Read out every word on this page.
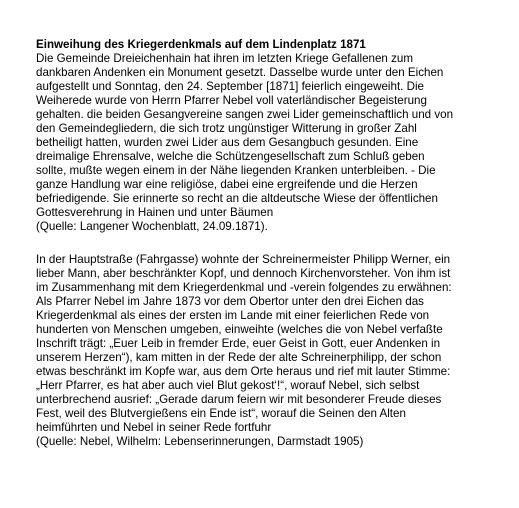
Einweihung des Kriegerdenkmals auf dem Lindenplatz 1871
Die Gemeinde Dreieichenhain hat ihren im letzten Kriege Gefallenen zum
dankbaren Andenken ein Monument gesetzt. Dasselbe wurde unter den Eichen
aufgestellt und Sonntag, den 24. September [1871] feierlich eingeweiht. Die
Weiherede wurde von Herrn Pfarrer Nebel voll vaterländischer Begeisterung
gehalten. die beiden Gesangvereine sangen zwei Lider gemeinschaftlich und von
den Gemeindegliedern, die sich trotz ungünstiger Witterung in großer Zahl
betheiligt hatten, wurden zwei Lider aus dem Gesangbuch gesunden. Eine
dreimalige Ehrensalve, welche die Schützengesellschaft zum Schluß geben
sollte, mußte wegen einem in der Nähe liegenden Kranken unterbleiben. - Die
ganze Handlung war eine religiöse, dabei eine ergreifende und die Herzen
befriedigende. Sie erinnerte so recht an die altdeutsche Wiese der öffentlichen
Gottesverehrung in Hainen und unter Bäumen
(Quelle: Langener Wochenblatt, 24.09.1871).
In der Hauptstraße (Fahrgasse) wohnte der Schreinermeister Philipp Werner, ein
lieber Mann, aber beschränkter Kopf, und dennoch Kirchenvorsteher. Von ihm ist
im Zusammenhang mit dem Kriegerdenkmal und -verein folgendes zu erwähnen:
Als Pfarrer Nebel im Jahre 1873 vor dem Obertor unter den drei Eichen das
Kriegerdenkmal als eines der ersten im Lande mit einer feierlichen Rede von
hunderten von Menschen umgeben, einweihte (welches die von Nebel verfaßte
Inschrift trägt: „Euer Leib in fremder Erde, euer Geist in Gott, euer Andenken in
unserem Herzen“), kam mitten in der Rede der alte Schreinerphilipp, der schon
etwas beschränkt im Kopfe war, aus dem Orte heraus und rief mit lauter Stimme:
„Herr Pfarrer, es hat aber auch viel Blut gekost‘!“, worauf Nebel, sich selbst
unterbrechend ausrief: „Gerade darum feiern wir mit besonderer Freude dieses
Fest, weil des Blutvergießens ein Ende ist“, worauf die Seinen den Alten
heimführten und Nebel in seiner Rede fortfuhr
(Quelle: Nebel, Wilhelm: Lebenserinnerungen, Darmstadt 1905)
